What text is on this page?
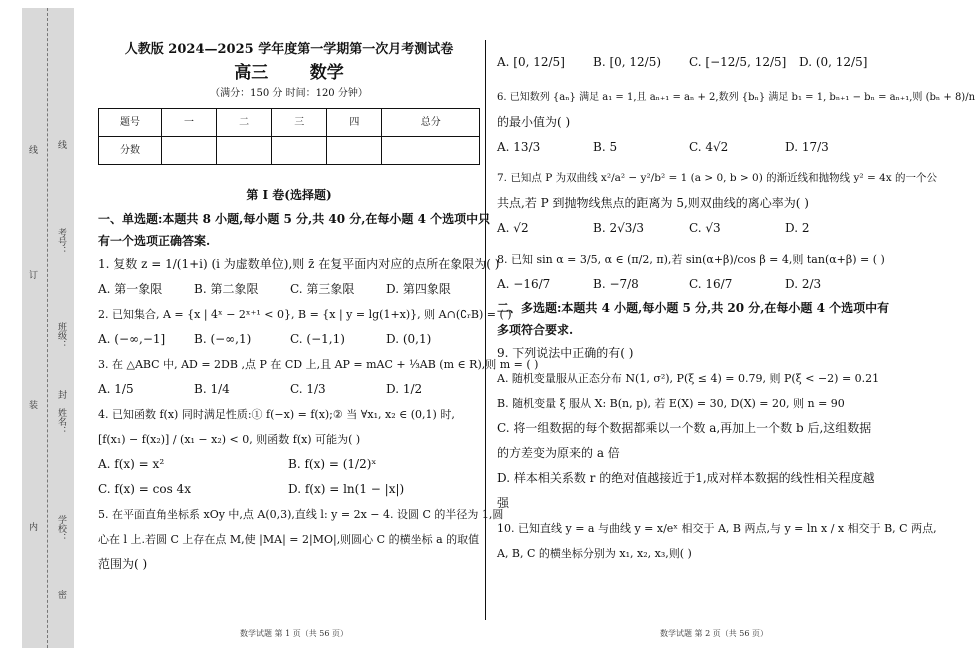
线
订
装
内
线
考号：
班级：
姓名：
学校：
封
密
人教版 2024—2025 学年度第一学期第一次月考测试卷
高三 数学
（满分：150 分 时间：120 分钟）
题号	一	二	三	四	总分
分数					
第 I 卷(选择题)
一、单选题:本题共 8 小题,每小题 5 分,共 40 分,在每小题 4 个选项中只
有一个选项正确答案.
1. 复数 z = 1/(1+i) (i 为虚数单位),则 z̄ 在复平面内对应的点所在象限为( )
A. 第一象限	B. 第二象限	C. 第三象限	D. 第四象限
2. 已知集合, A = {x | 4ˣ − 2ˣ⁺¹ < 0}, B = {x | y = lg(1+x)}, 则 A∩(∁ᵣB) = ( )
A. (−∞,−1]	B. (−∞,1)	C. (−1,1)	D. (0,1)
3. 在 △ABC 中, AD = 2DB ,点 P 在 CD 上,且 AP = mAC + ⅓AB (m ∈ R),则 m = ( )
A. 1/5	B. 1/4	C. 1/3	D. 1/2
4. 已知函数 f(x) 同时满足性质:① f(−x) = f(x);② 当 ∀x₁, x₂ ∈ (0,1) 时,
[f(x₁) − f(x₂)] / (x₁ − x₂) < 0, 则函数 f(x) 可能为( )
A. f(x) = x²	B. f(x) = (1/2)ˣ
C. f(x) = cos 4x	D. f(x) = ln(1 − |x|)
5. 在平面直角坐标系 xOy 中,点 A(0,3),直线 l: y = 2x − 4. 设圆 C 的半径为 1,圆
心在 l 上.若圆 C 上存在点 M,使 |MA| = 2|MO|,则圆心 C 的横坐标 a 的取值
范围为( )
数学试题 第 1 页（共 56 页）
A. [0, 12/5]	B. [0, 12/5)	C. [−12/5, 12/5]	D. (0, 12/5]
6. 已知数列 {aₙ} 满足 a₁ = 1,且 aₙ₊₁ = aₙ + 2,数列 {bₙ} 满足 b₁ = 1, bₙ₊₁ − bₙ = aₙ₊₁,则 (bₙ + 8)/n
的最小值为( )
A. 13/3	B. 5	C. 4√2	D. 17/3
7. 已知点 P 为双曲线 x²/a² − y²/b² = 1 (a > 0, b > 0) 的渐近线和抛物线 y² = 4x 的一个公
共点,若 P 到抛物线焦点的距离为 5,则双曲线的离心率为( )
A. √2	B. 2√3/3	C. √3	D. 2
8. 已知 sin α = 3/5, α ∈ (π/2, π),若 sin(α+β)/cos β = 4,则 tan(α+β) = ( )
A. −16/7	B. −7/8	C. 16/7	D. 2/3
二、多选题:本题共 4 小题,每小题 5 分,共 20 分,在每小题 4 个选项中有
多项符合要求.
9. 下列说法中正确的有( )
A. 随机变量服从正态分布 N(1, σ²), P(ξ ≤ 4) = 0.79, 则 P(ξ < −2) = 0.21
B. 随机变量 ξ 服从 X: B(n, p), 若 E(X) = 30, D(X) = 20, 则 n = 90
C. 将一组数据的每个数据都乘以一个数 a,再加上一个数 b 后,这组数据
的方差变为原来的 a 倍
D. 样本相关系数 r 的绝对值越接近于1,成对样本数据的线性相关程度越
强
10. 已知直线 y = a 与曲线 y = x/eˣ 相交于 A, B 两点,与 y = ln x / x 相交于 B, C 两点,
A, B, C 的横坐标分别为 x₁, x₂, x₃,则( )
数学试题 第 2 页（共 56 页）
